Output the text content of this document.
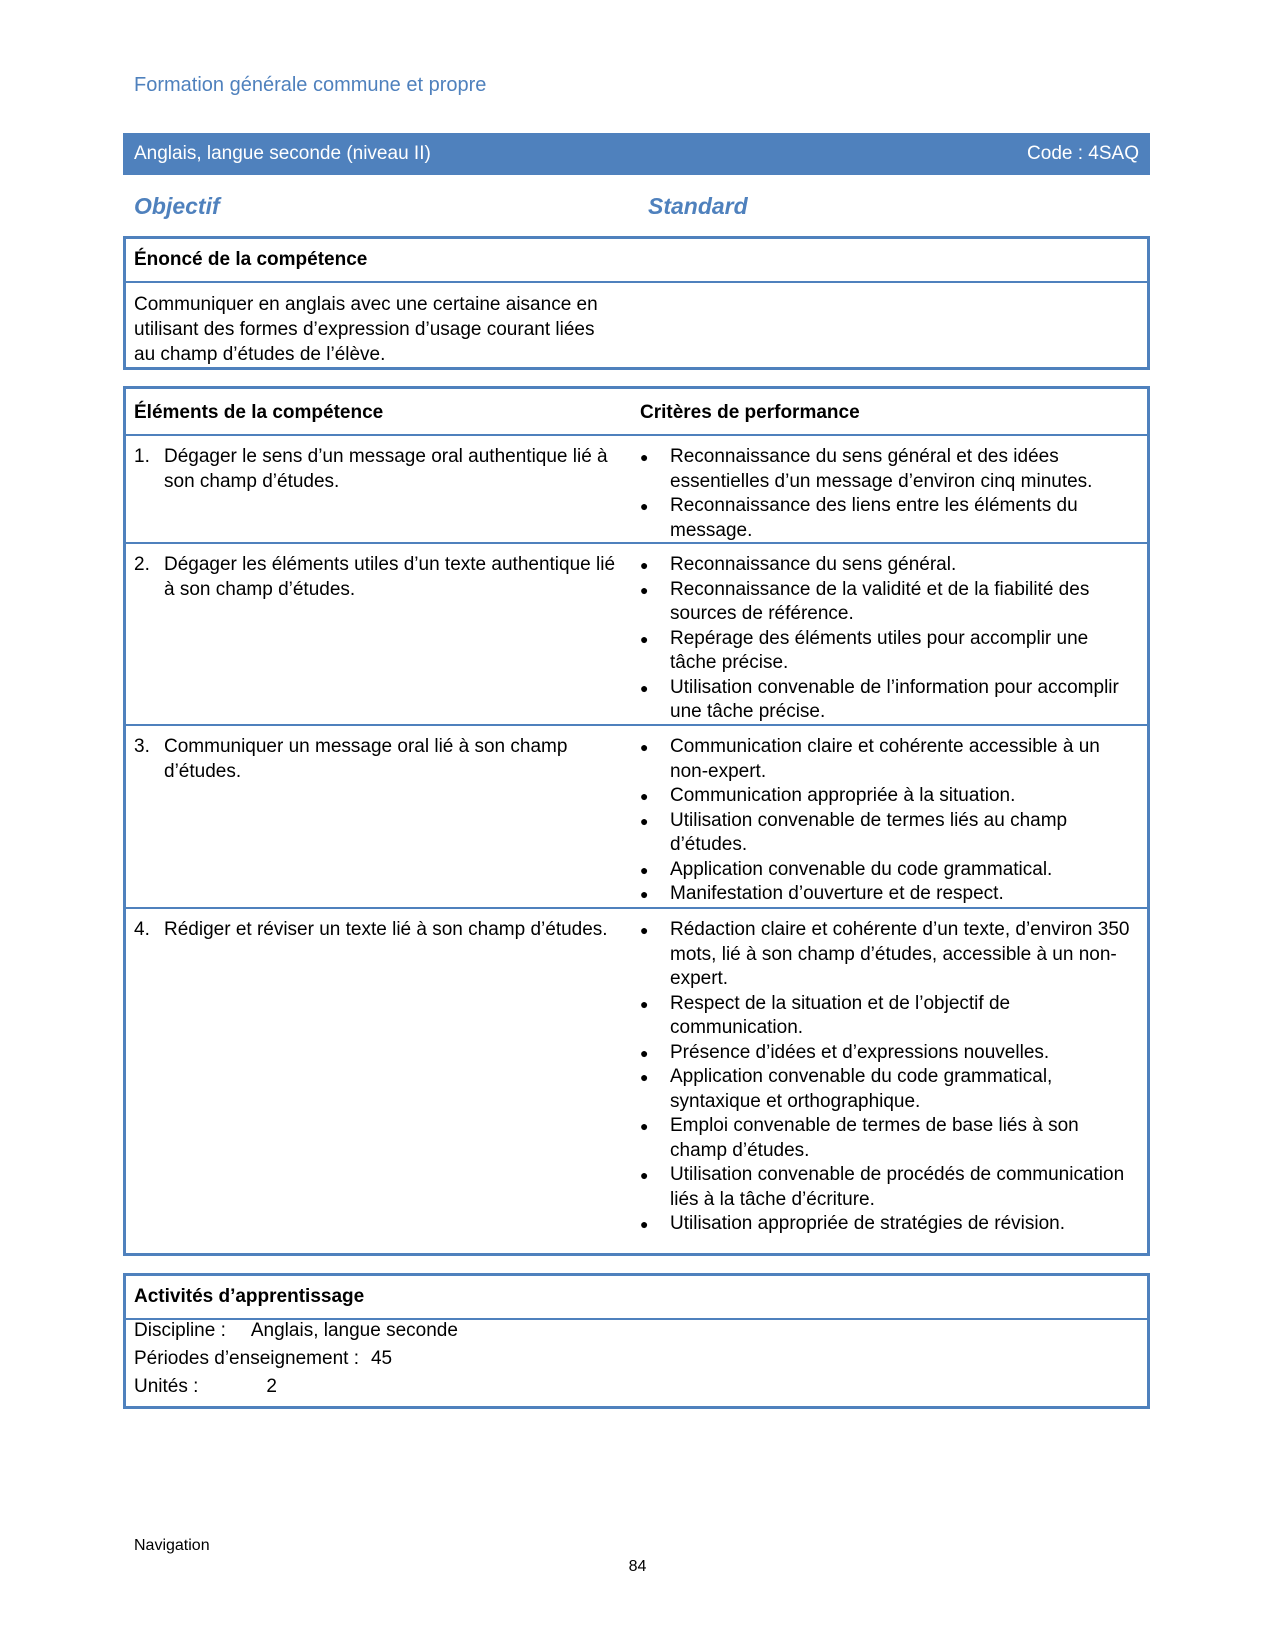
Formation générale commune et propre
Anglais, langue seconde (niveau II)	Code : 4SAQ
Objectif	Standard
Énoncé de la compétence
Communiquer en anglais avec une certaine aisance en utilisant des formes d’expression d’usage courant liées au champ d’études de l’élève.
Éléments de la compétence	Critères de performance
1. Dégager le sens d’un message oral authentique lié à son champ d’études.
●	Reconnaissance du sens général et des idées essentielles d’un message d’environ cinq minutes.
●	Reconnaissance des liens entre les éléments du message.
2. Dégager les éléments utiles d’un texte authentique lié à son champ d’études.
●	Reconnaissance du sens général.
●	Reconnaissance de la validité et de la fiabilité des sources de référence.
●	Repérage des éléments utiles pour accomplir une tâche précise.
●	Utilisation convenable de l’information pour accomplir une tâche précise.
3. Communiquer un message oral lié à son champ d’études.
●	Communication claire et cohérente accessible à un non-expert.
●	Communication appropriée à la situation.
●	Utilisation convenable de termes liés au champ d’études.
●	Application convenable du code grammatical.
●	Manifestation d’ouverture et de respect.
4. Rédiger et réviser un texte lié à son champ d’études.	●	Rédaction claire et cohérente d’un texte, d’environ 350 mots, lié à son champ d’études, accessible à un non-expert.
●	Respect de la situation et de l’objectif de communication.
●	Présence d’idées et d’expressions nouvelles.
●	Application convenable du code grammatical, syntaxique et orthographique.
●	Emploi convenable de termes de base liés à son champ d’études.
●	Utilisation convenable de procédés de communication liés à la tâche d’écriture.
●	Utilisation appropriée de stratégies de révision.
Activités d’apprentissage
Discipline : Anglais, langue seconde
Périodes d’enseignement : 45
Unités :	2
Navigation
84
